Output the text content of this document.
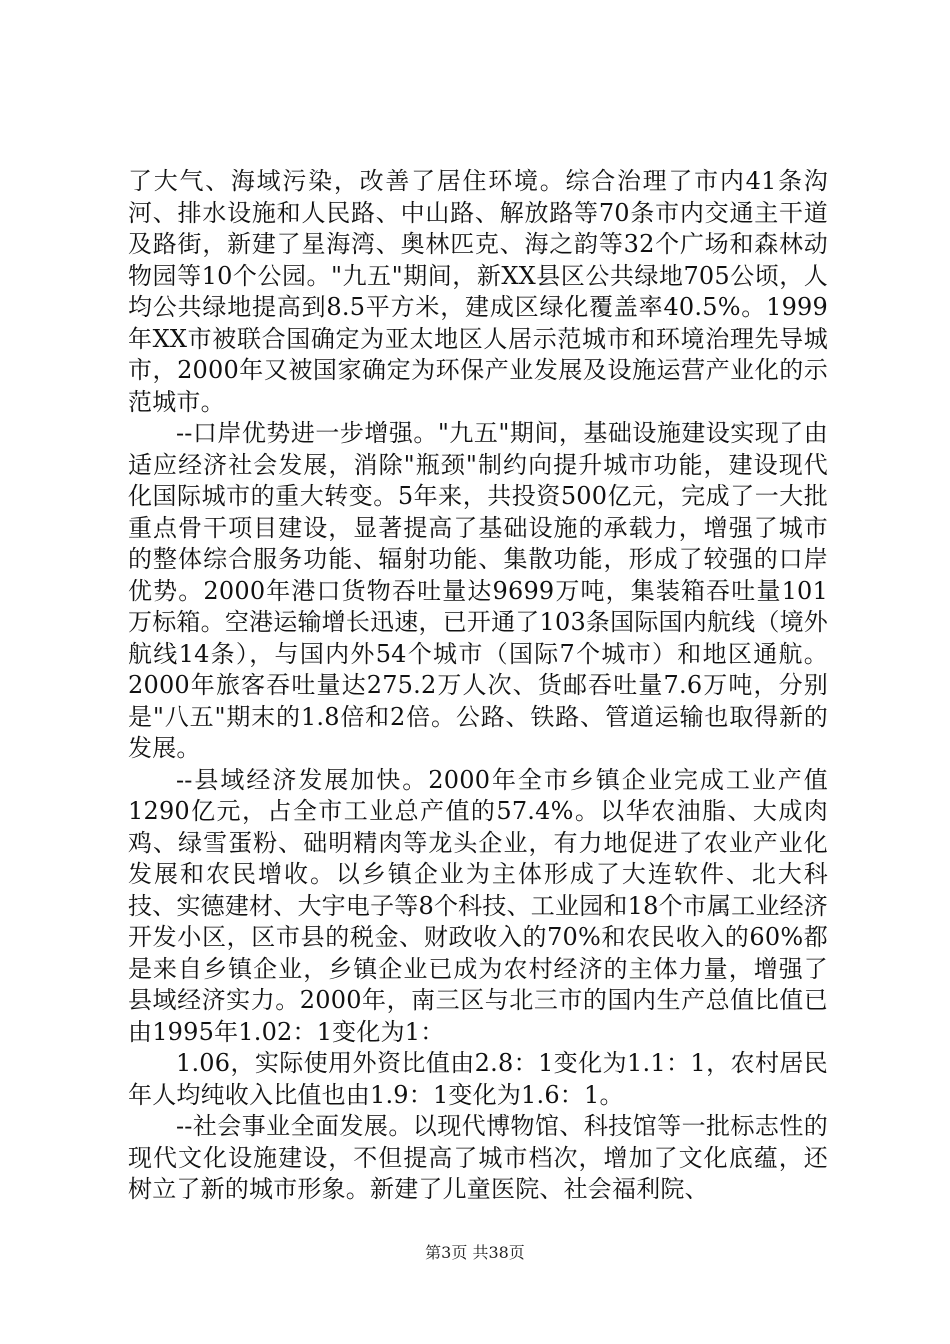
了大气、海域污染，改善了居住环境。综合治理了市内41条沟河、排水设施和人民路、中山路、解放路等70条市内交通主干道及路街，新建了星海湾、奥林匹克、海之韵等32个广场和森林动物园等10个公园。"九五"期间，新XX县区公共绿地705公顷，人均公共绿地提高到8.5平方米，建成区绿化覆盖率40.5%。1999年XX市被联合国确定为亚太地区人居示范城市和环境治理先导城市，2000年又被国家确定为环保产业发展及设施运营产业化的示范城市。

--口岸优势进一步增强。"九五"期间，基础设施建设实现了由适应经济社会发展，消除"瓶颈"制约向提升城市功能，建设现代化国际城市的重大转变。5年来，共投资500亿元，完成了一大批重点骨干项目建设，显著提高了基础设施的承载力，增强了城市的整体综合服务功能、辐射功能、集散功能，形成了较强的口岸优势。2000年港口货物吞吐量达9699万吨，集装箱吞吐量101万标箱。空港运输增长迅速，已开通了103条国际国内航线（境外航线14条），与国内外54个城市（国际7个城市）和地区通航。2000年旅客吞吐量达275.2万人次、货邮吞吐量7.6万吨，分别是"八五"期末的1.8倍和2倍。公路、铁路、管道运输也取得新的发展。

--县域经济发展加快。2000年全市乡镇企业完成工业产值1290亿元，占全市工业总产值的57.4%。以华农油脂、大成肉鸡、绿雪蛋粉、础明精肉等龙头企业，有力地促进了农业产业化发展和农民增收。以乡镇企业为主体形成了大连软件、北大科技、实德建材、大宇电子等8个科技、工业园和18个市属工业经济开发小区，区市县的税金、财政收入的70%和农民收入的60%都是来自乡镇企业，乡镇企业已成为农村经济的主体力量，增强了县域经济实力。2000年，南三区与北三市的国内生产总值比值已由1995年1.02：1变化为1：

1.06，实际使用外资比值由2.8：1变化为1.1：1，农村居民年人均纯收入比值也由1.9：1变化为1.6：1。

--社会事业全面发展。以现代博物馆、科技馆等一批标志性的现代文化设施建设，不但提高了城市档次，增加了文化底蕴，还树立了新的城市形象。新建了儿童医院、社会福利院、

第3页 共38页
